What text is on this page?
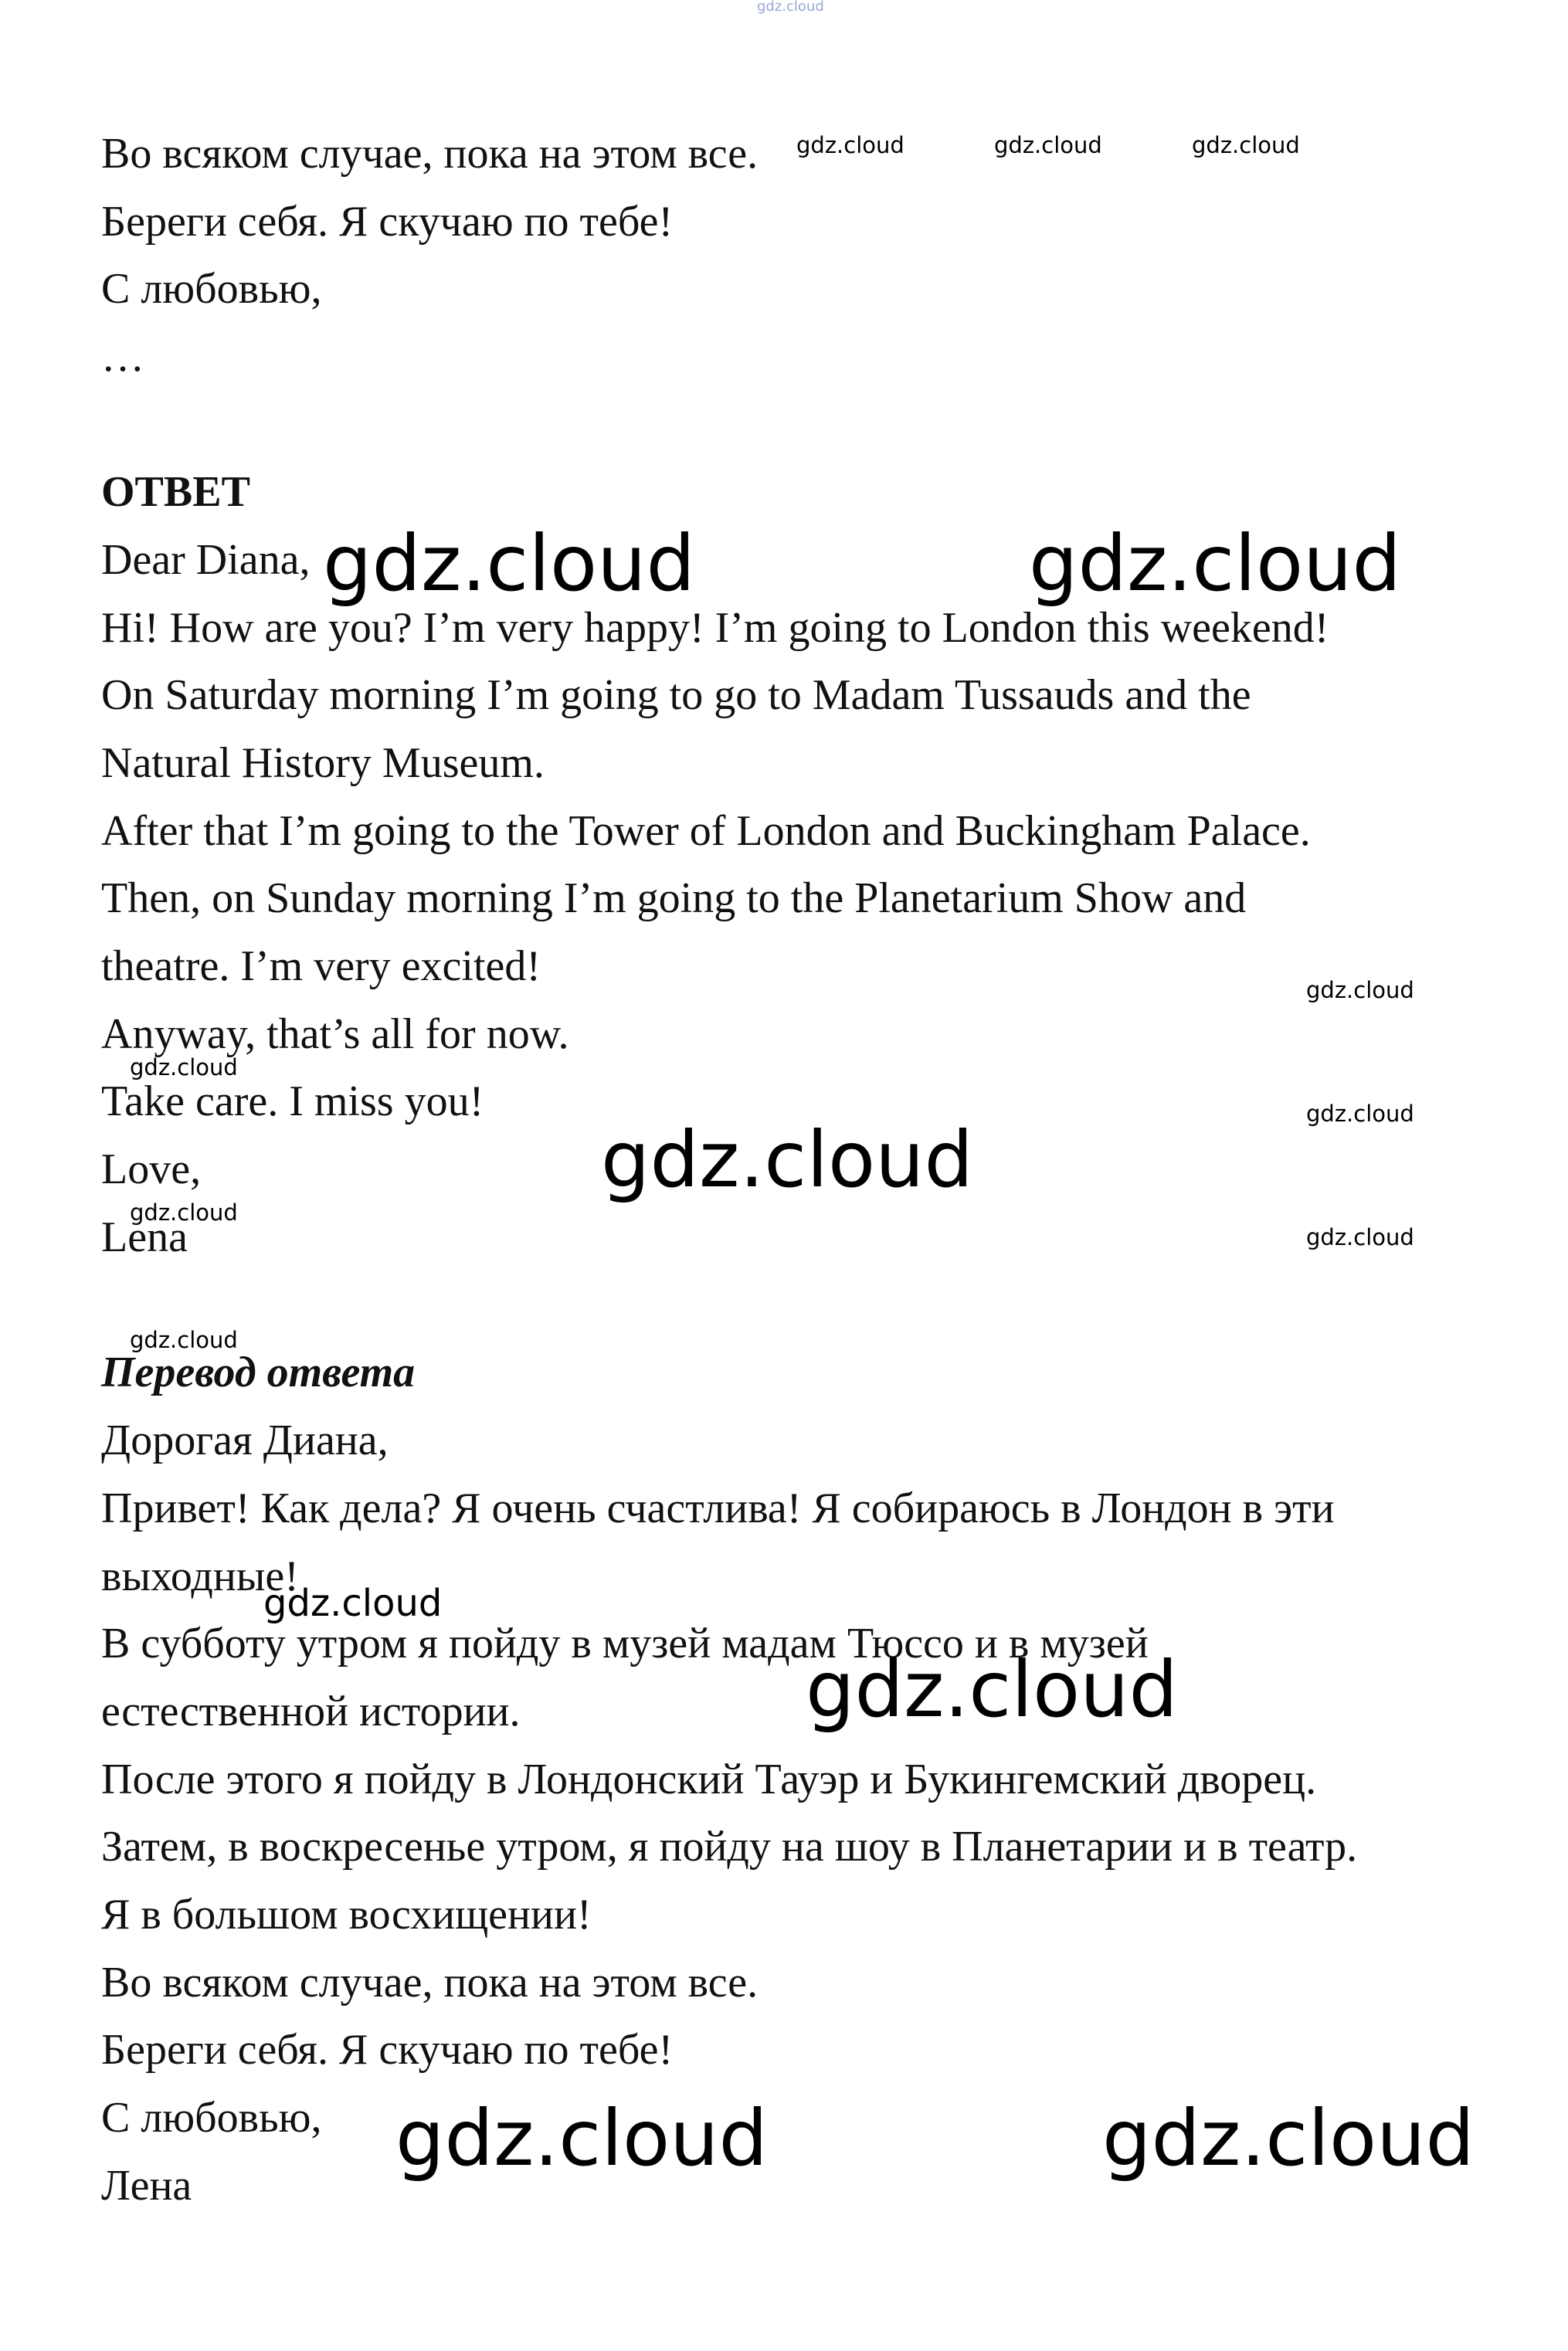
gdz.cloud
Во всяком случае, пока на этом все.
Береги себя. Я скучаю по тебе!
С любовью,
…
ОТВЕТ
Dear Diana,
Hi! How are you? I’m very happy! I’m going to London this weekend!
On Saturday morning I’m going to go to Madam Tussauds and the
Natural History Museum.
After that I’m going to the Tower of London and Buckingham Palace.
Then, on Sunday morning I’m going to the Planetarium Show and
theatre. I’m very excited!
Anyway, that’s all for now.
Take care. I miss you!
Love,
Lena
Перевод ответа
Дорогая Диана,
Привет! Как дела? Я очень счастлива! Я собираюсь в Лондон в эти
выходные!
В субботу утром я пойду в музей мадам Тюссо и в музей
естественной истории.
После этого я пойду в Лондонский Тауэр и Букингемский дворец.
Затем, в воскресенье утром, я пойду на шоу в Планетарии и в театр.
Я в большом восхищении!
Во всяком случае, пока на этом все.
Береги себя. Я скучаю по тебе!
С любовью,
Лена
gdz.cloud	gdz.cloud	gdz.cloud
gdz.cloud	gdz.cloud
gdz.cloud
gdz.cloud
gdz.cloud
gdz.cloud
gdz.cloud
gdz.cloud
gdz.cloud
gdz.cloud
gdz.cloud
gdz.cloud	gdz.cloud
